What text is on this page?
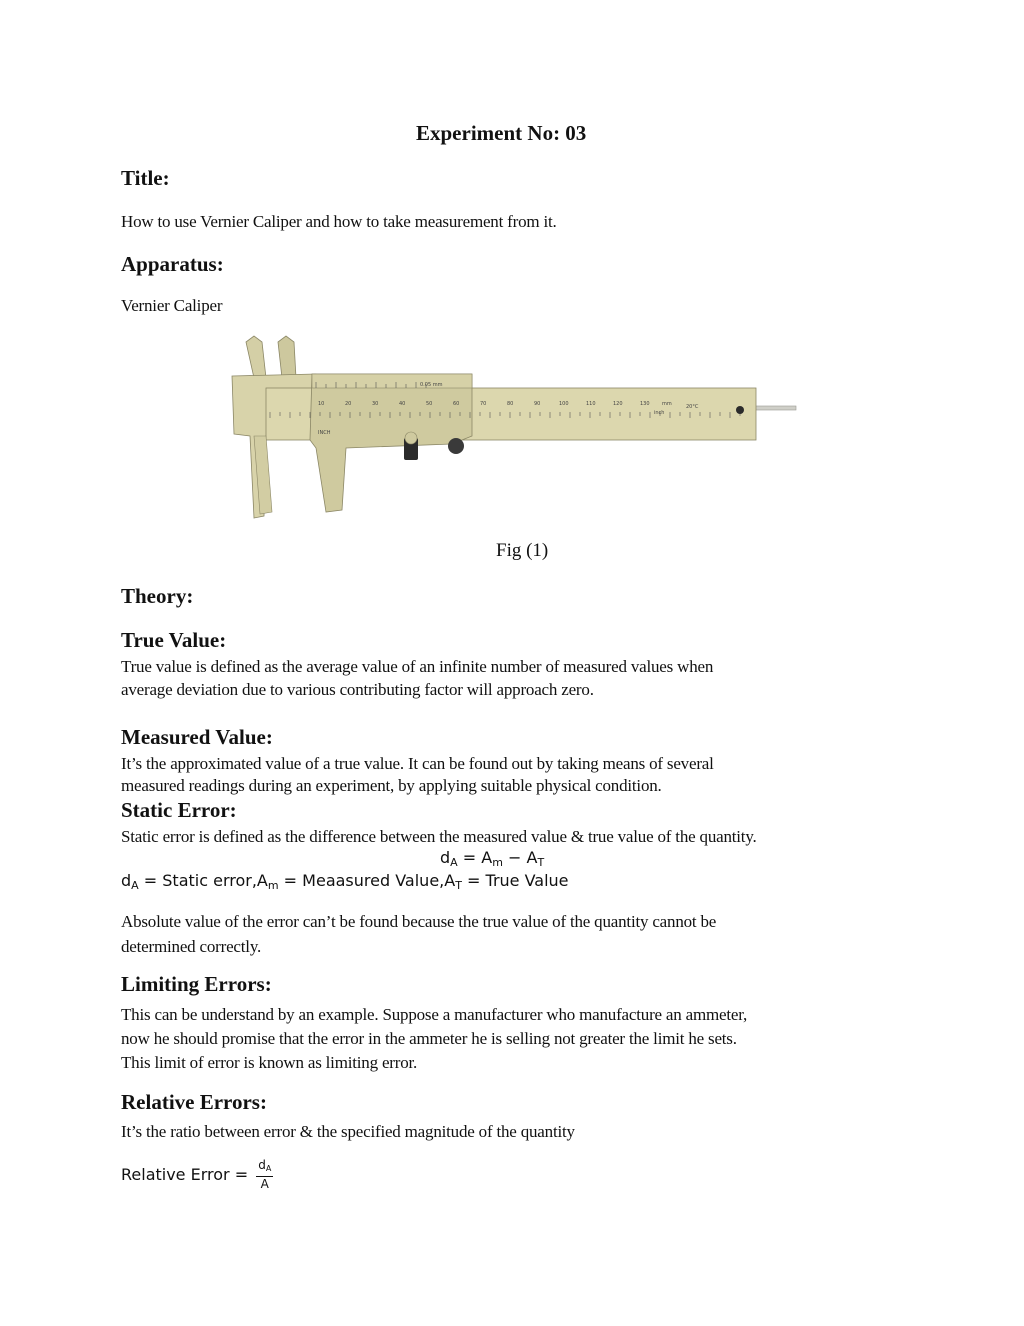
Experiment No: 03
Title:
How to use Vernier Caliper and how to take measurement from it.
Apparatus:
Vernier Caliper
10	20	30	40	50	60	70	80	90	100	110	120	130 mm
0.05 mm
inch
20°C
INCH
Fig (1)
Theory:
True Value:
True value is defined as the average value of an infinite number of measured values when
average deviation due to various contributing factor will approach zero.
Measured Value:
It’s the approximated value of a true value. It can be found out by taking means of several
measured readings during an experiment, by applying suitable physical condition.
Static Error:
Static error is defined as the difference between the measured value & true value of the quantity.
$d_A = A_m - A_T$
$d_A$ = Static $error,A_m$ = Meaasured $Value,A_T$ = True Value
Absolute value of the error can’t be found because the true value of the quantity cannot be
determined correctly.
Limiting Errors:
This can be understand by an example. Suppose a manufacturer who manufacture an ammeter,
now he should promise that the error in the ammeter he is selling not greater the limit he sets.
This limit of error is known as limiting error.
Relative Errors:
It’s the ratio between error & the specified magnitude of the quantity
Relative Error = $\frac{d_A}{A}$
